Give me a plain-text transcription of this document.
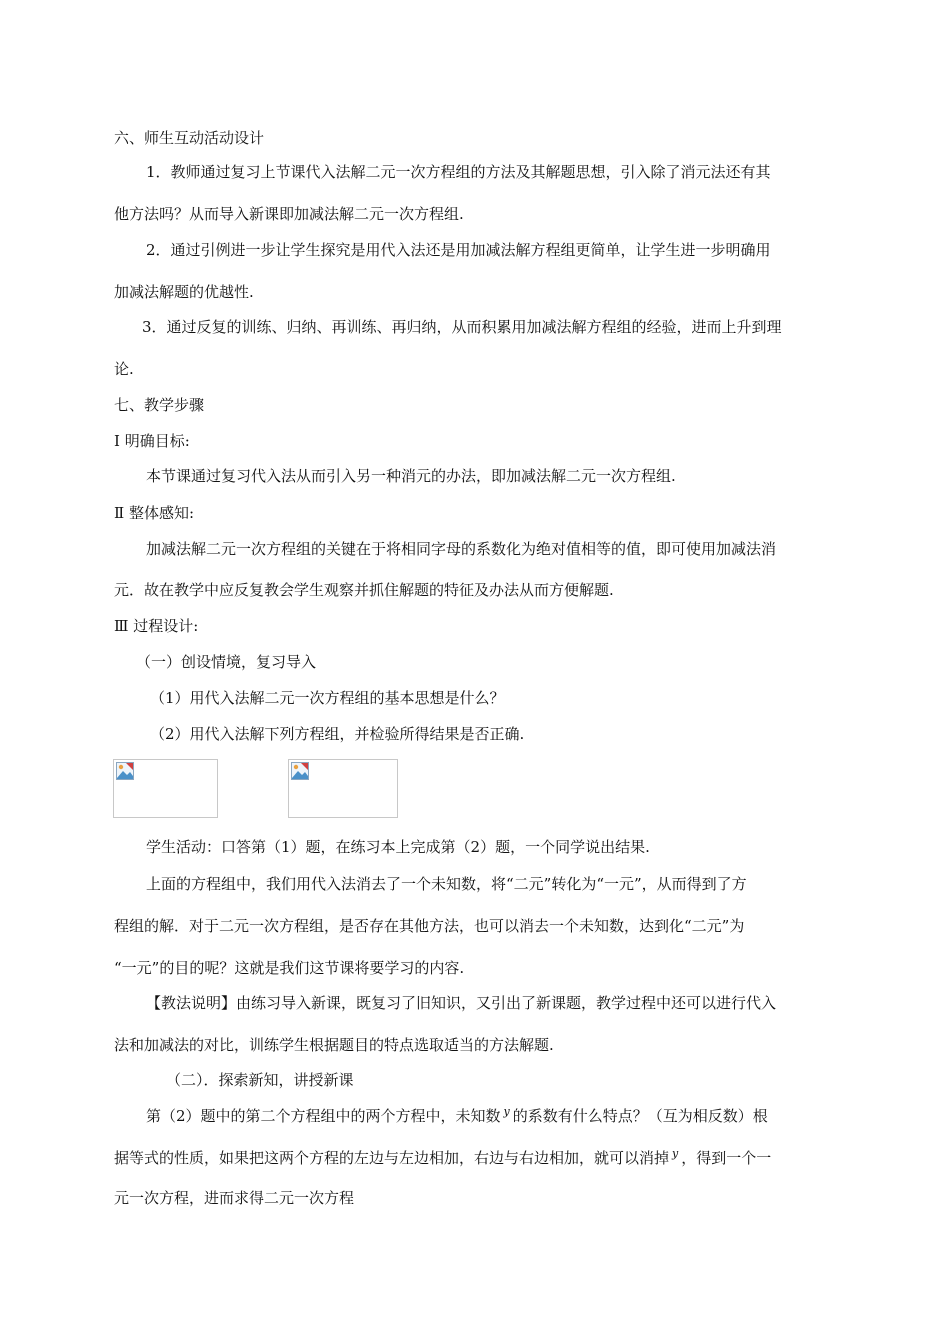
六、师生互动活动设计
1．教师通过复习上节课代入法解二元一次方程组的方法及其解题思想，引入除了消元法还有其
他方法吗？从而导入新课即加减法解二元一次方程组.
2．通过引例进一步让学生探究是用代入法还是用加减法解方程组更简单，让学生进一步明确用
加减法解题的优越性.
3．通过反复的训练、归纳、再训练、再归纳，从而积累用加减法解方程组的经验，进而上升到理
论.
七、教学步骤
Ⅰ 明确目标:
本节课通过复习代入法从而引入另一种消元的办法，即加减法解二元一次方程组.
Ⅱ 整体感知:
加减法解二元一次方程组的关键在于将相同字母的系数化为绝对值相等的值，即可使用加减法消
元．故在教学中应反复教会学生观察并抓住解题的特征及办法从而方便解题.
Ⅲ 过程设计:
（一）创设情境，复习导入
（1）用代入法解二元一次方程组的基本思想是什么？
（2）用代入法解下列方程组，并检验所得结果是否正确.
学生活动：口答第（1）题，在练习本上完成第（2）题，一个同学说出结果.
上面的方程组中，我们用代入法消去了一个未知数，将“二元”转化为“一元”，从而得到了方
程组的解．对于二元一次方程组，是否存在其他方法，也可以消去一个未知数，达到化“二元”为
“一元”的目的呢？这就是我们这节课将要学习的内容.
【教法说明】由练习导入新课，既复习了旧知识，又引出了新课题，教学过程中还可以进行代入
法和加减法的对比，训练学生根据题目的特点选取适当的方法解题.
（二）．探索新知，讲授新课
第（2）题中的第二个方程组中的两个方程中，未知数 $^y$ 的系数有什么特点？（互为相反数）根
据等式的性质，如果把这两个方程的左边与左边相加，右边与右边相加，就可以消掉 $^y$ ，得到一个一
元一次方程，进而求得二元一次方程
